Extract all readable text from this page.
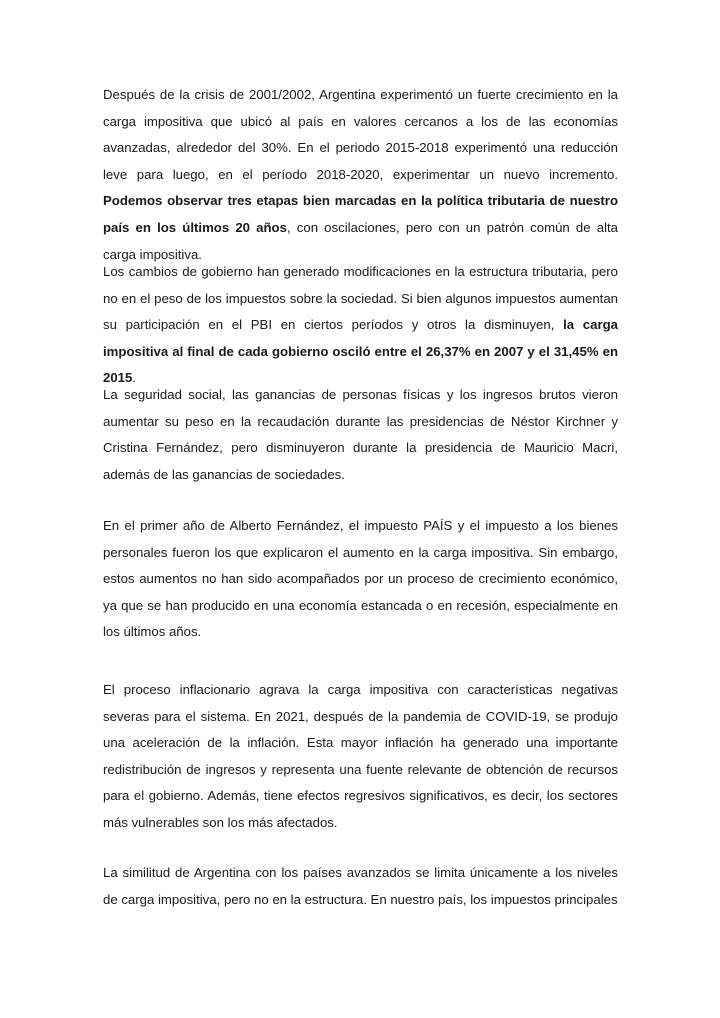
Después de la crisis de 2001/2002, Argentina experimentó un fuerte crecimiento en la carga impositiva que ubicó al país en valores cercanos a los de las economías avanzadas, alrededor del 30%. En el periodo 2015-2018 experimentó una reducción leve para luego, en el período 2018-2020, experimentar un nuevo incremento. Podemos observar tres etapas bien marcadas en la política tributaria de nuestro país en los últimos 20 años, con oscilaciones, pero con un patrón común de alta carga impositiva.

Los cambios de gobierno han generado modificaciones en la estructura tributaria, pero no en el peso de los impuestos sobre la sociedad. Si bien algunos impuestos aumentan su participación en el PBI en ciertos períodos y otros la disminuyen, la carga impositiva al final de cada gobierno osciló entre el 26,37% en 2007 y el 31,45% en 2015.

La seguridad social, las ganancias de personas físicas y los ingresos brutos vieron aumentar su peso en la recaudación durante las presidencias de Néstor Kirchner y Cristina Fernández, pero disminuyeron durante la presidencia de Mauricio Macri, además de las ganancias de sociedades.

En el primer año de Alberto Fernández, el impuesto PAÍS y el impuesto a los bienes personales fueron los que explicaron el aumento en la carga impositiva. Sin embargo, estos aumentos no han sido acompañados por un proceso de crecimiento económico, ya que se han producido en una economía estancada o en recesión, especialmente en los últimos años.

El proceso inflacionario agrava la carga impositiva con características negativas severas para el sistema. En 2021, después de la pandemia de COVID-19, se produjo una aceleración de la inflación. Esta mayor inflación ha generado una importante redistribución de ingresos y representa una fuente relevante de obtención de recursos para el gobierno. Además, tiene efectos regresivos significativos, es decir, los sectores más vulnerables son los más afectados.

La similitud de Argentina con los países avanzados se limita únicamente a los niveles de carga impositiva, pero no en la estructura. En nuestro país, los impuestos principales
